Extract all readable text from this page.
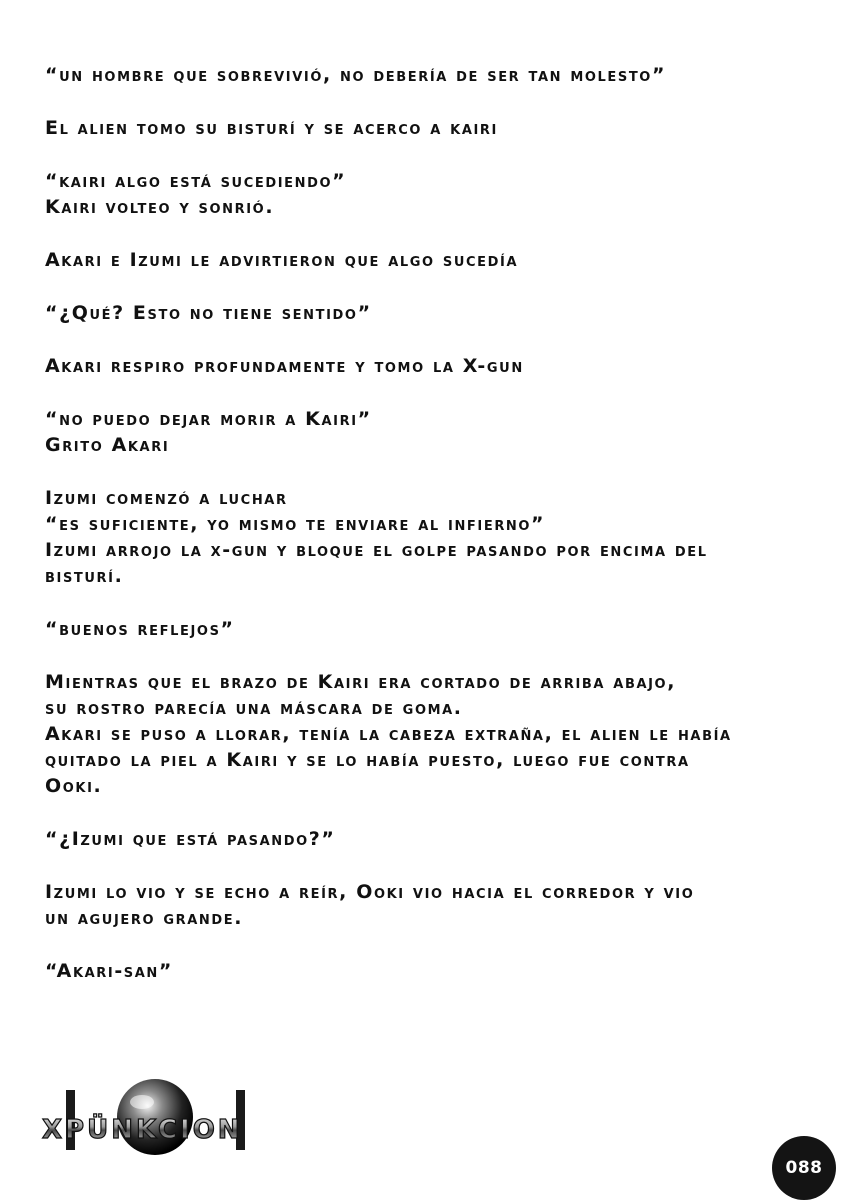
“un hombre que sobrevivió, no debería de ser tan molesto”
El alien tomo su bisturí y se acerco a kairi
“kairi algo está sucediendo”
Kairi volteo y sonrió.
Akari e Izumi le advirtieron que algo sucedía
“¿Qué? Esto no tiene sentido”
Akari respiro profundamente y tomo la X-gun
“no puedo dejar morir a Kairi”
Grito Akari
Izumi comenzó a luchar
“es suficiente, yo mismo te enviare al infierno”
Izumi arrojo la x-gun y bloque el golpe pasando por encima del
bisturí.
“buenos reflejos”
Mientras que el brazo de Kairi era cortado de arriba abajo,
su rostro parecía una máscara de goma.
Akari se puso a llorar, tenía la cabeza extraña, el alien le había
quitado la piel a Kairi y se lo había puesto, luego fue contra
Ooki.
“¿Izumi que está pasando?”
Izumi lo vio y se echo a reír, Ooki vio hacia el corredor y vio
un agujero grande.
“Akari-san”
XPÜNKCION
088
